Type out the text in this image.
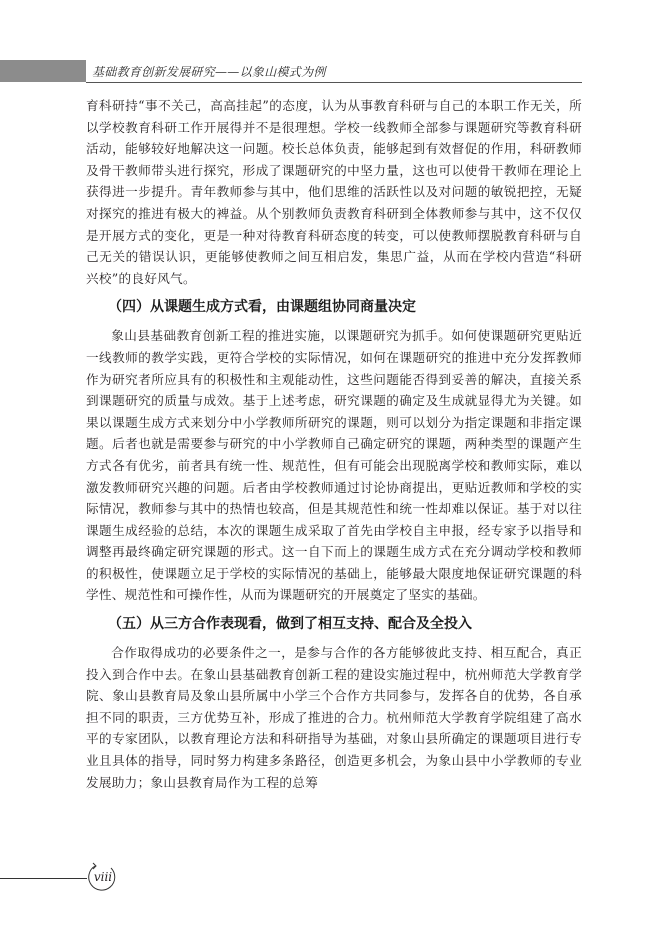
基础教育创新发展研究——以象山模式为例

育科研持“事不关己，高高挂起”的态度，认为从事教育科研与自己的本职工作无关，所以学校教育科研工作开展得并不是很理想。学校一线教师全部参与课题研究等教育科研活动，能够较好地解决这一问题。校长总体负责，能够起到有效督促的作用，科研教师及骨干教师带头进行探究，形成了课题研究的中坚力量，这也可以使骨干教师在理论上获得进一步提升。青年教师参与其中，他们思维的活跃性以及对问题的敏锐把控，无疑对探究的推进有极大的裨益。从个别教师负责教育科研到全体教师参与其中，这不仅仅是开展方式的变化，更是一种对待教育科研态度的转变，可以使教师摆脱教育科研与自己无关的错误认识，更能够使教师之间互相启发，集思广益，从而在学校内营造“科研兴校”的良好风气。

（四）从课题生成方式看，由课题组协同商量决定

象山县基础教育创新工程的推进实施，以课题研究为抓手。如何使课题研究更贴近一线教师的教学实践，更符合学校的实际情况，如何在课题研究的推进中充分发挥教师作为研究者所应具有的积极性和主观能动性，这些问题能否得到妥善的解决，直接关系到课题研究的质量与成效。基于上述考虑，研究课题的确定及生成就显得尤为关键。如果以课题生成方式来划分中小学教师所研究的课题，则可以划分为指定课题和非指定课题。后者也就是需要参与研究的中小学教师自己确定研究的课题，两种类型的课题产生方式各有优劣，前者具有统一性、规范性，但有可能会出现脱离学校和教师实际，难以激发教师研究兴趣的问题。后者由学校教师通过讨论协商提出，更贴近教师和学校的实际情况，教师参与其中的热情也较高，但是其规范性和统一性却难以保证。基于对以往课题生成经验的总结，本次的课题生成采取了首先由学校自主申报，经专家予以指导和调整再最终确定研究课题的形式。这一自下而上的课题生成方式在充分调动学校和教师的积极性，使课题立足于学校的实际情况的基础上，能够最大限度地保证研究课题的科学性、规范性和可操作性，从而为课题研究的开展奠定了坚实的基础。

（五）从三方合作表现看，做到了相互支持、配合及全投入

合作取得成功的必要条件之一，是参与合作的各方能够彼此支持、相互配合，真正投入到合作中去。在象山县基础教育创新工程的建设实施过程中，杭州师范大学教育学院、象山县教育局及象山县所属中小学三个合作方共同参与，发挥各自的优势，各自承担不同的职责，三方优势互补，形成了推进的合力。杭州师范大学教育学院组建了高水平的专家团队，以教育理论方法和科研指导为基础，对象山县所确定的课题项目进行专业且具体的指导，同时努力构建多条路径，创造更多机会，为象山县中小学教师的专业发展助力；象山县教育局作为工程的总筹

viii
